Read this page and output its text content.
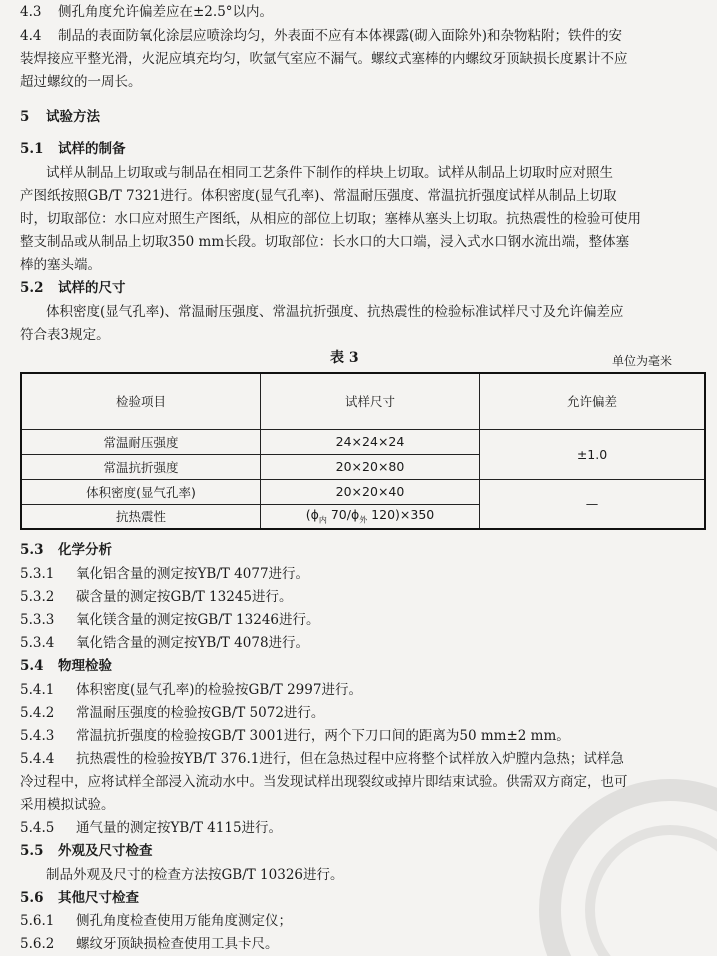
4.3 侧孔角度允许偏差应在±2.5°以内。
4.4 制品的表面防氧化涂层应喷涂均匀，外表面不应有本体裸露(砌入面除外)和杂物粘附；铁件的安
装焊接应平整光滑，火泥应填充均匀，吹氩气室应不漏气。螺纹式塞棒的内螺纹牙顶缺损长度累计不应
超过螺纹的一周长。
5 试验方法
5.1 试样的制备
试样从制品上切取或与制品在相同工艺条件下制作的样块上切取。试样从制品上切取时应对照生
产图纸按照GB/T 7321进行。体积密度(显气孔率)、常温耐压强度、常温抗折强度试样从制品上切取
时，切取部位：水口应对照生产图纸，从相应的部位上切取；塞棒从塞头上切取。抗热震性的检验可使用
整支制品或从制品上切取350 mm长段。切取部位：长水口的大口端，浸入式水口钢水流出端，整体塞
棒的塞头端。
5.2 试样的尺寸
体积密度(显气孔率)、常温耐压强度、常温抗折强度、抗热震性的检验标准试样尺寸及允许偏差应
符合表3规定。
表 3	单位为毫米
检验项目	试样尺寸	允许偏差
常温耐压强度	24×24×24	±1.0
常温抗折强度	20×20×80	
体积密度(显气孔率)	20×20×40	—
抗热震性	($\phi_内$ $70/\phi_外$ 120)×350	
5.3 化学分析
5.3.1 氧化铝含量的测定按YB/T 4077进行。
5.3.2 碳含量的测定按GB/T 13245进行。
5.3.3 氧化镁含量的测定按GB/T 13246进行。
5.3.4 氧化锆含量的测定按YB/T 4078进行。
5.4 物理检验
5.4.1 体积密度(显气孔率)的检验按GB/T 2997进行。
5.4.2 常温耐压强度的检验按GB/T 5072进行。
5.4.3 常温抗折强度的检验按GB/T 3001进行，两个下刀口间的距离为50 mm±2 mm。
5.4.4 抗热震性的检验按YB/T 376.1进行，但在急热过程中应将整个试样放入炉膛内急热；试样急
冷过程中，应将试样全部浸入流动水中。当发现试样出现裂纹或掉片即结束试验。供需双方商定，也可
采用模拟试验。
5.4.5 通气量的测定按YB/T 4115进行。
5.5 外观及尺寸检查
制品外观及尺寸的检查方法按GB/T 10326进行。
5.6 其他尺寸检查
5.6.1 侧孔角度检查使用万能角度测定仪；
5.6.2 螺纹牙顶缺损检查使用工具卡尺。
